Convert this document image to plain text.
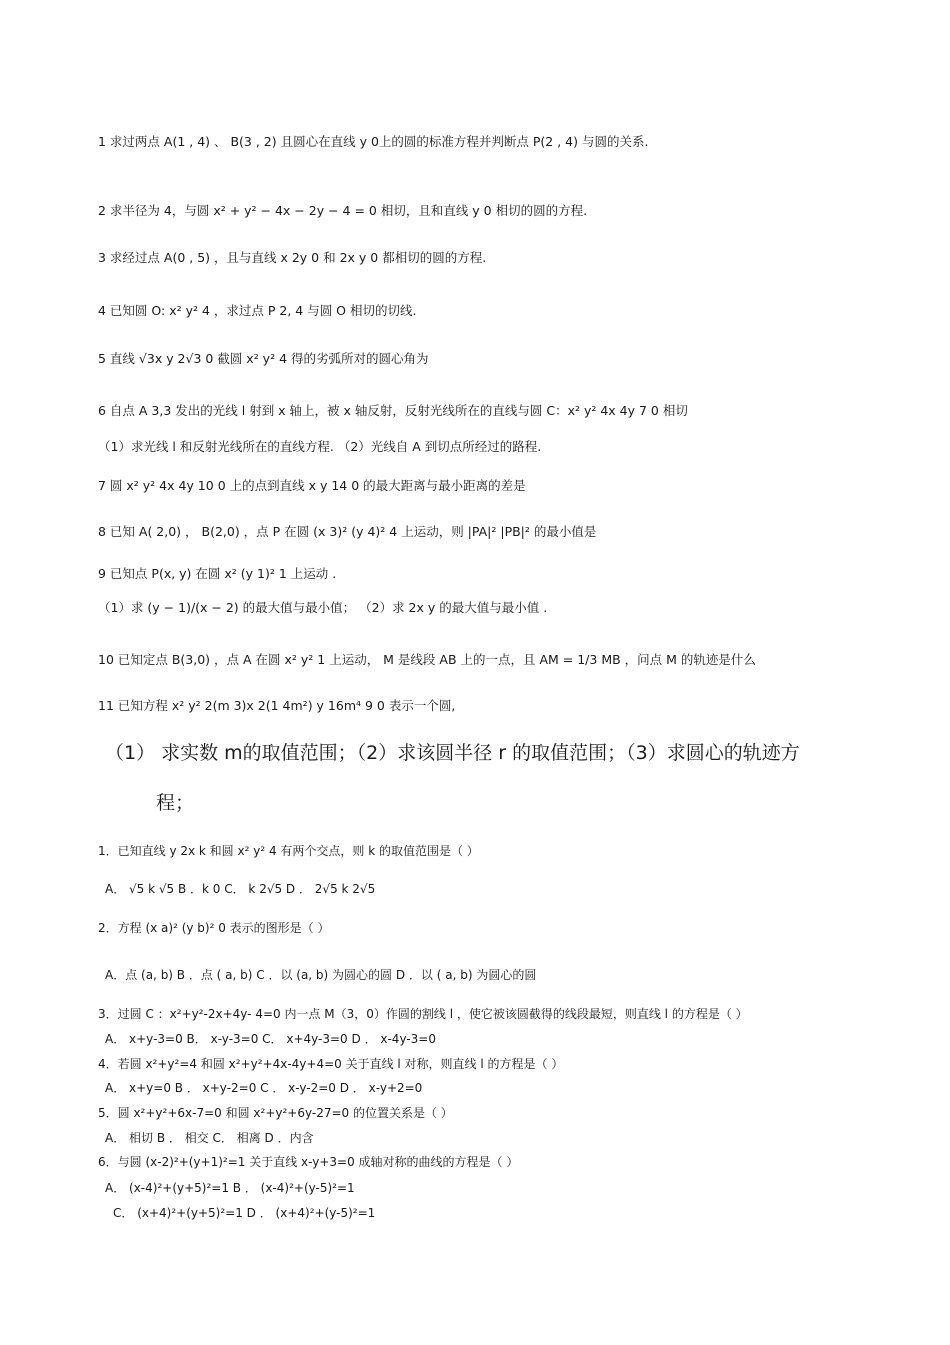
1 求过两点 A(1 , 4) 、 B(3 , 2) 且圆心在直线 y 0上的圆的标准方程并判断点 P(2 , 4) 与圆的关系.
2 求半径为 4，与圆 x² + y² − 4x − 2y − 4 = 0 相切，且和直线 y 0 相切的圆的方程.
3 求经过点 A(0 , 5) ，且与直线 x 2y 0 和 2x y 0 都相切的圆的方程.
4 已知圆 O: x² y² 4 ，求过点 P 2, 4 与圆 O 相切的切线.
5 直线 √3x y 2√3 0 截圆 x² y² 4 得的劣弧所对的圆心角为
6 自点 A 3,3 发出的光线 l 射到 x 轴上，被 x 轴反射，反射光线所在的直线与圆 C：x² y² 4x 4y 7 0 相切
（1）求光线 l 和反射光线所在的直线方程. （2）光线自 A 到切点所经过的路程.
7 圆 x² y² 4x 4y 10 0 上的点到直线 x y 14 0 的最大距离与最小距离的差是
8 已知 A( 2,0) ， B(2,0) ，点 P 在圆 (x 3)² (y 4)² 4 上运动，则 |PA|² |PB|² 的最小值是
9 已知点 P(x, y) 在圆 x² (y 1)² 1 上运动 .
（1）求 (y − 1)/(x − 2) 的最大值与最小值； （2）求 2x y 的最大值与最小值 .
10 已知定点 B(3,0) ，点 A 在圆 x² y² 1 上运动， M 是线段 AB 上的一点，且 AM = 1/3 MB ，问点 M 的轨迹是什么
11 已知方程 x² y² 2(m 3)x 2(1 4m²) y 16m⁴ 9 0 表示一个圆,
（1） 求实数 m的取值范围；（2）求该圆半径 r 的取值范围；（3）求圆心的轨迹方
程；
1．已知直线 y 2x k 和圆 x² y² 4 有两个交点，则 k 的取值范围是（ ）
A． √5 k √5 B ．k 0 C． k 2√5 D ． 2√5 k 2√5
2．方程 (x a)² (y b)² 0 表示的图形是（ ）
A．点 (a, b) B ．点 ( a, b) C ．以 (a, b) 为圆心的圆 D ．以 ( a, b) 为圆心的圆
3．过圆 C ：x²+y²-2x+4y- 4=0 内一点 M（3，0）作圆的割线 l ，使它被该圆截得的线段最短，则直线 l 的方程是（ ）
A． x+y-3=0 B． x-y-3=0 C． x+4y-3=0 D ． x-4y-3=0
4．若圆 x²+y²=4 和圆 x²+y²+4x-4y+4=0 关于直线 l 对称，则直线 l 的方程是（ ）
A． x+y=0 B ． x+y-2=0 C ． x-y-2=0 D ． x-y+2=0
5．圆 x²+y²+6x-7=0 和圆 x²+y²+6y-27=0 的位置关系是（ ）
A． 相切 B ． 相交 C． 相离 D ．内含
6．与圆 (x-2)²+(y+1)²=1 关于直线 x-y+3=0 成轴对称的曲线的方程是（ ）
A． (x-4)²+(y+5)²=1 B ． (x-4)²+(y-5)²=1
C． (x+4)²+(y+5)²=1 D ． (x+4)²+(y-5)²=1
